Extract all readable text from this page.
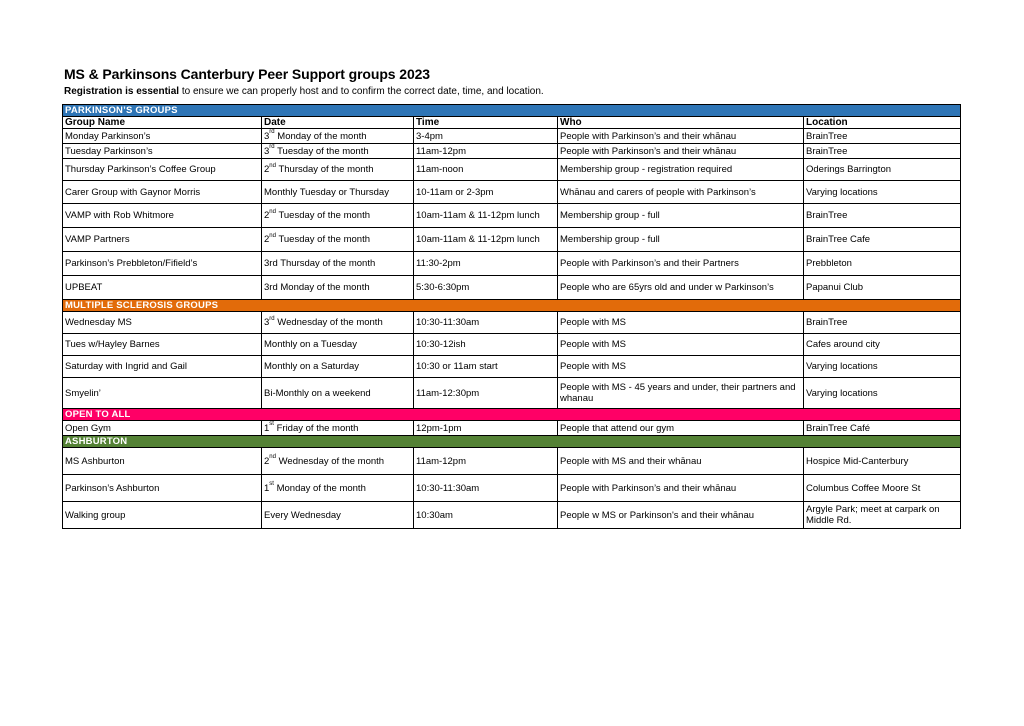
MS & Parkinsons Canterbury Peer Support groups 2023
Registration is essential to ensure we can properly host and to confirm the correct date, time, and location.
PARKINSON’S GROUPS				
Group Name	Date	Time	Who	Location
Monday Parkinson’s	3rd Monday of the month	3-4pm	People with Parkinson’s and their whānau	BrainTree
Tuesday Parkinson’s	3rd Tuesday of the month	11am-12pm	People with Parkinson’s and their whānau	BrainTree
Thursday Parkinson’s Coffee Group	2nd Thursday of the month	11am-noon	Membership group - registration required	Oderings Barrington
Carer Group with Gaynor Morris	Monthly Tuesday or Thursday	10-11am or 2-3pm	Whānau and carers of people with Parkinson’s	Varying locations
VAMP with Rob Whitmore	2nd Tuesday of the month	10am-11am & 11-12pm lunch	Membership group - full	BrainTree
VAMP Partners	2nd Tuesday of the month	10am-11am & 11-12pm lunch	Membership group - full	BrainTree Cafe
Parkinson’s Prebbleton/Fifield’s	3rd Thursday of the month	11:30-2pm	People with Parkinson’s and their Partners	Prebbleton
UPBEAT	3rd Monday of the month	5:30-6:30pm	People who are 65yrs old and under w Parkinson’s	Papanui Club
MULTIPLE SCLEROSIS GROUPS				
Wednesday MS	3rd Wednesday of the month	10:30-11:30am	People with MS	BrainTree
Tues w/Hayley Barnes	Monthly on a Tuesday	10:30-12ish	People with MS	Cafes around city
Saturday with Ingrid and Gail	Monthly on a Saturday	10:30 or 11am start	People with MS	Varying locations
Smyelin’	Bi-Monthly on a weekend	11am-12:30pm	People with MS - 45 years and under, their partners and whanau	Varying locations
OPEN TO ALL				
Open Gym	1st Friday of the month	12pm-1pm	People that attend our gym	BrainTree Café
ASHBURTON				
MS Ashburton	2nd Wednesday of the month	11am-12pm	People with MS and their whānau	Hospice Mid-Canterbury
Parkinson’s Ashburton	1st Monday of the month	10:30-11:30am	People with Parkinson’s and their whānau	Columbus Coffee Moore St
Walking group	Every Wednesday	10:30am	People w MS or Parkinson's and their whānau	Argyle Park; meet at carpark on Middle Rd.
